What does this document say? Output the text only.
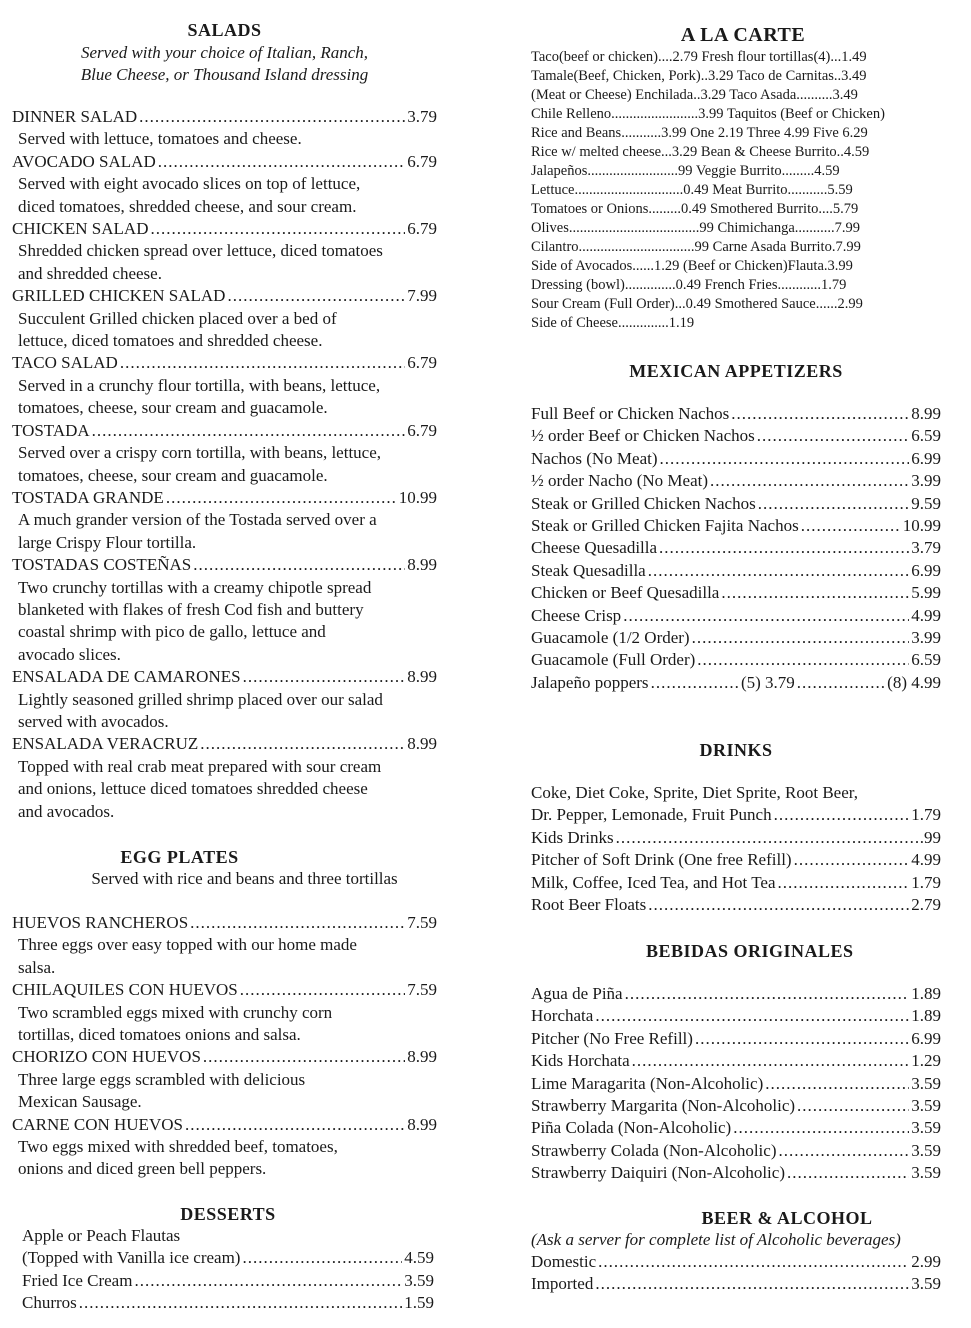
SALADS
Served with your choice of Italian, Ranch,
Blue Cheese, or Thousand Island dressing
DINNER SALAD .....	3.79
Served with lettuce, tomatoes and cheese.
AVOCADO SALAD .....	6.79
Served with eight avocado slices on top of lettuce,
diced tomatoes, shredded cheese, and sour cream.
CHICKEN SALAD .....	6.79
Shredded chicken spread over lettuce, diced tomatoes
and shredded cheese.
GRILLED CHICKEN SALAD .....	7.99
Succulent Grilled chicken placed over a bed of
lettuce, diced tomatoes and shredded cheese.
TACO SALAD .....	6.79
Served in a crunchy flour tortilla, with beans, lettuce,
tomatoes, cheese, sour cream and guacamole.
TOSTADA .....	6.79
Served over a crispy corn tortilla, with beans, lettuce,
tomatoes, cheese, sour cream and guacamole.
TOSTADA GRANDE .....	10.99
A much grander version of the Tostada served over a
large Crispy Flour tortilla.
TOSTADAS COSTEÑAS .....	8.99
Two crunchy tortillas with a creamy chipotle spread
blanketed with flakes of fresh Cod fish and buttery
coastal shrimp with pico de gallo, lettuce and
avocado slices.
ENSALADA DE CAMARONES .....	8.99
Lightly seasoned grilled shrimp placed over our salad
served with avocados.
ENSALADA VERACRUZ .....	8.99
Topped with real crab meat prepared with sour cream
and onions, lettuce diced tomatoes shredded cheese
and avocados.
EGG PLATES
Served with rice and beans and three tortillas
HUEVOS RANCHEROS .....	7.59
Three eggs over easy topped with our home made
salsa.
CHILAQUILES CON HUEVOS .....	7.59
Two scrambled eggs mixed with crunchy corn
tortillas, diced tomatoes onions and salsa.
CHORIZO CON HUEVOS .....	8.99
Three large eggs scrambled with delicious
Mexican Sausage.
CARNE CON HUEVOS .....	8.99
Two eggs mixed with shredded beef, tomatoes,
onions and diced green bell peppers.
DESSERTS
Apple or Peach Flautas
(Topped with Vanilla ice cream) .....	4.59
Fried Ice Cream .....	3.59
Churros .....	1.59
A LA CARTE
Taco(beef or chicken)....2.79 Fresh flour tortillas(4)...1.49
Tamale(Beef, Chicken, Pork)..3.29 Taco de Carnitas..3.49
(Meat or Cheese) Enchilada..3.29 Taco Asada..........3.49
Chile Relleno........................3.99 Taquitos (Beef or Chicken)
Rice and Beans...........3.99 One 2.19 Three 4.99 Five 6.29
Rice w/ melted cheese...3.29 Bean & Cheese Burrito..4.59
Jalapeños.........................99 Veggie Burrito.........4.59
Lettuce..............................0.49 Meat Burrito...........5.59
Tomatoes or Onions.........0.49 Smothered Burrito....5.79
Olives....................................99 Chimichanga...........7.99
Cilantro................................99 Carne Asada Burrito.7.99
Side of Avocados......1.29 (Beef or Chicken)Flauta.3.99
Dressing (bowl)..............0.49 French Fries............1.79
Sour Cream (Full Order)...0.49 Smothered Sauce......2.99
Side of Cheese..............1.19
MEXICAN APPETIZERS
Full Beef or Chicken Nachos .....	8.99
½ order Beef or Chicken Nachos .....	6.59
Nachos (No Meat) .....	6.99
½ order Nacho (No Meat) .....	3.99
Steak or Grilled Chicken Nachos .....	9.59
Steak or Grilled Chicken Fajita Nachos .....	10.99
Cheese Quesadilla .....	3.79
Steak Quesadilla .....	6.99
Chicken or Beef Quesadilla .....	5.99
Cheese Crisp .....	4.99
Guacamole (1/2 Order) .....	3.99
Guacamole (Full Order) .....	6.59
Jalapeño poppers .....	(5) 3.79 .....	(8) 4.99
DRINKS
Coke, Diet Coke, Sprite, Diet Sprite, Root Beer,
Dr. Pepper, Lemonade, Fruit Punch .....	1.79
Kids Drinks .....	.99
Pitcher of Soft Drink (One free Refill) .....	4.99
Milk, Coffee, Iced Tea, and Hot Tea .....	1.79
Root Beer Floats .....	2.79
BEBIDAS ORIGINALES
Agua de Piña .....	1.89
Horchata .....	1.89
Pitcher (No Free Refill) .....	6.99
Kids Horchata .....	1.29
Lime Maragarita (Non-Alcoholic) .....	3.59
Strawberry Margarita (Non-Alcoholic) .....	3.59
Piña Colada (Non-Alcoholic) .....	3.59
Strawberry Colada (Non-Alcoholic) .....	3.59
Strawberry Daiquiri (Non-Alcoholic) .....	3.59
BEER & ALCOHOL
(Ask a server for complete list of Alcoholic beverages)
Domestic .....	2.99
Imported .....	3.59
